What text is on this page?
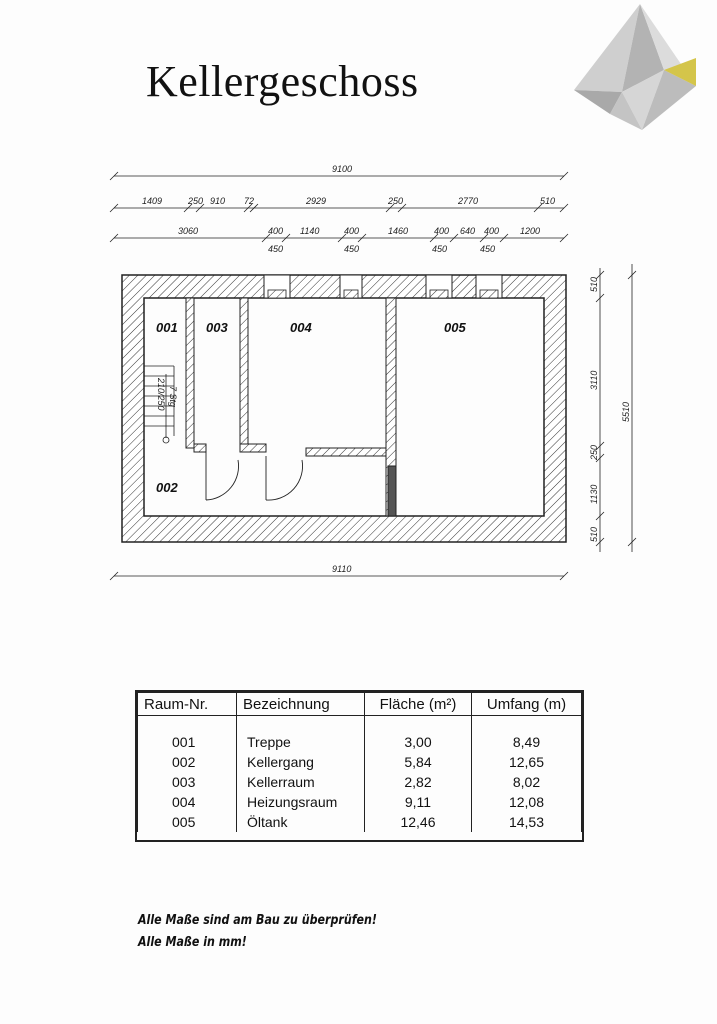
Kellergeschoss
9100
1409	250 910 72	2929	250	2770	510
3060	400 1140	400	1460	400 640 400 1200
450	450	450	450
7 Stg
210/250
001 003	004	005
002
510
3110
250
1130
510
5510
9110
Raum-Nr.	Bezeichnung	Fläche (m²)	Umfang (m)

001	Treppe	3,00	8,49
002	Kellergang	5,84	12,65
003	Kellerraum	2,82	8,02
004	Heizungsraum	9,11	12,08
005	Öltank	12,46	14,53
Alle Maße sind am Bau zu überprüfen!
Alle Maße in mm!
